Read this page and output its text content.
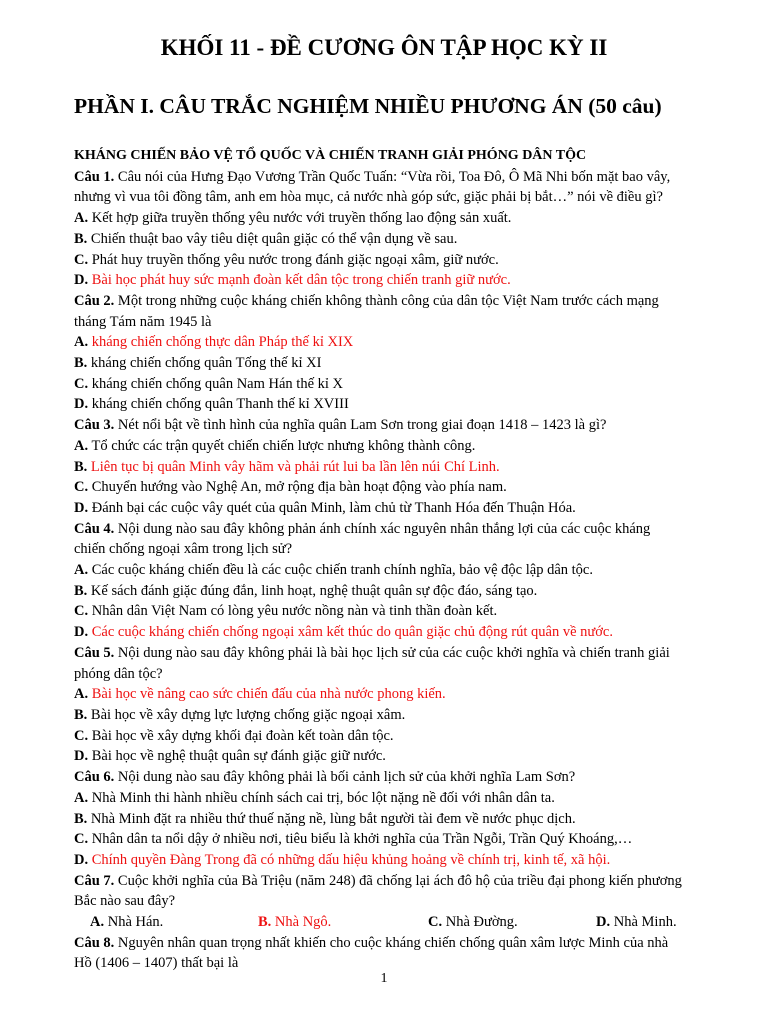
KHỐI 11 - ĐỀ CƯƠNG ÔN TẬP HỌC KỲ II
PHẦN I. CÂU TRẮC NGHIỆM NHIỀU PHƯƠNG ÁN (50 câu)
KHÁNG CHIẾN BẢO VỆ TỔ QUỐC VÀ CHIẾN TRANH GIẢI PHÓNG DÂN TỘC
Câu 1. Câu nói của Hưng Đạo Vương Trần Quốc Tuấn: “Vừa rồi, Toa Đô, Ô Mã Nhi bốn mặt bao vây,
nhưng vì vua tôi đồng tâm, anh em hòa mục, cả nước nhà góp sức, giặc phải bị bắt…” nói về điều gì?
A. Kết hợp giữa truyền thống yêu nước với truyền thống lao động sản xuất.
B. Chiến thuật bao vây tiêu diệt quân giặc có thể vận dụng về sau.
C. Phát huy truyền thống yêu nước trong đánh giặc ngoại xâm, giữ nước.
D. Bài học phát huy sức mạnh đoàn kết dân tộc trong chiến tranh giữ nước.
Câu 2. Một trong những cuộc kháng chiến không thành công của dân tộc Việt Nam trước cách mạng
tháng Tám năm 1945 là
A. kháng chiến chống thực dân Pháp thế kỉ XIX
B. kháng chiến chống quân Tống thế kỉ XI
C. kháng chiến chống quân Nam Hán thế kỉ X
D. kháng chiến chống quân Thanh thế kỉ XVIII
Câu 3. Nét nổi bật về tình hình của nghĩa quân Lam Sơn trong giai đoạn 1418 – 1423 là gì?
A. Tổ chức các trận quyết chiến chiến lược nhưng không thành công.
B. Liên tục bị quân Minh vây hãm và phải rút lui ba lần lên núi Chí Linh.
C. Chuyển hướng vào Nghệ An, mở rộng địa bàn hoạt động vào phía nam.
D. Đánh bại các cuộc vây quét của quân Minh, làm chủ từ Thanh Hóa đến Thuận Hóa.
Câu 4. Nội dung nào sau đây không phản ánh chính xác nguyên nhân thắng lợi của các cuộc kháng
chiến chống ngoại xâm trong lịch sử?
A. Các cuộc kháng chiến đều là các cuộc chiến tranh chính nghĩa, bảo vệ độc lập dân tộc.
B. Kế sách đánh giặc đúng đắn, linh hoạt, nghệ thuật quân sự độc đáo, sáng tạo.
C. Nhân dân Việt Nam có lòng yêu nước nồng nàn và tinh thần đoàn kết.
D. Các cuộc kháng chiến chống ngoại xâm kết thúc do quân giặc chủ động rút quân về nước.
Câu 5. Nội dung nào sau đây không phải là bài học lịch sử của các cuộc khởi nghĩa và chiến tranh giải
phóng dân tộc?
A. Bài học về nâng cao sức chiến đấu của nhà nước phong kiến.
B. Bài học về xây dựng lực lượng chống giặc ngoại xâm.
C. Bài học về xây dựng khối đại đoàn kết toàn dân tộc.
D. Bài học về nghệ thuật quân sự đánh giặc giữ nước.
Câu 6. Nội dung nào sau đây không phải là bối cảnh lịch sử của khởi nghĩa Lam Sơn?
A. Nhà Minh thi hành nhiều chính sách cai trị, bóc lột nặng nề đối với nhân dân ta.
B. Nhà Minh đặt ra nhiều thứ thuế nặng nề, lùng bắt người tài đem về nước phục dịch.
C. Nhân dân ta nổi dậy ở nhiều nơi, tiêu biểu là khởi nghĩa của Trần Ngỗi, Trần Quý Khoáng,…
D. Chính quyền Đàng Trong đã có những dấu hiệu khủng hoảng về chính trị, kinh tế, xã hội.
Câu 7. Cuộc khởi nghĩa của Bà Triệu (năm 248) đã chống lại ách đô hộ của triều đại phong kiến phương
Bắc nào sau đây?
A. Nhà Hán.	B. Nhà Ngô.	C. Nhà Đường.	D. Nhà Minh.
Câu 8. Nguyên nhân quan trọng nhất khiến cho cuộc kháng chiến chống quân xâm lược Minh của nhà
Hồ (1406 – 1407) thất bại là
1
